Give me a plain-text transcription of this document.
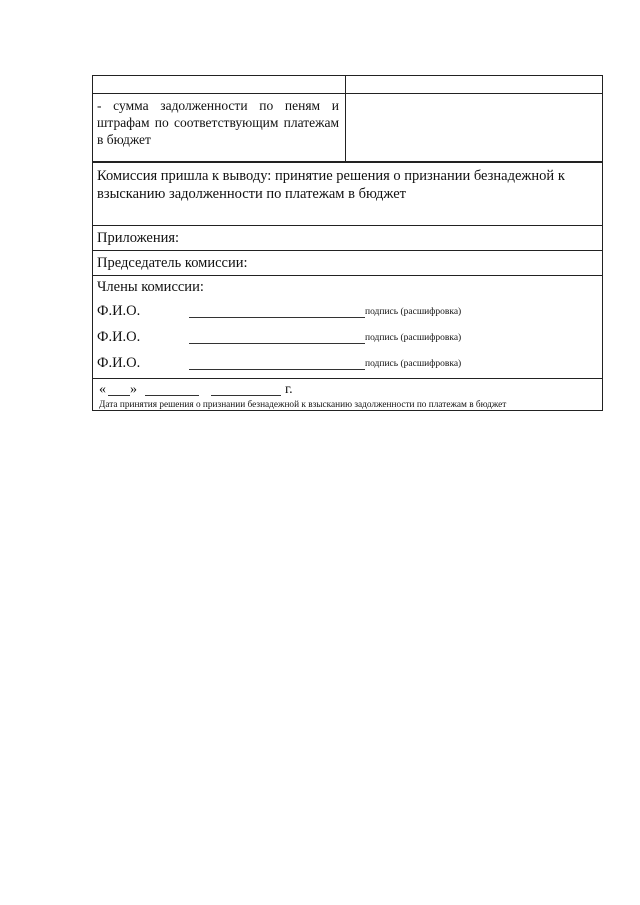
- сумма задолженности по пеням и штрафам по соответствующим платежам в бюджет
Комиссия пришла к выводу: принятие решения о признании безнадежной к взысканию задолженности по платежам в бюджет
Приложения:
Председатель комиссии:
Члены комиссии:
Ф.И.О.	подпись (расшифровка)
Ф.И.О.	подпись (расшифровка)
Ф.И.О.	подпись (расшифровка)
« »	г.
Дата принятия решения о признании безнадежной к взысканию задолженности по платежам в бюджет
